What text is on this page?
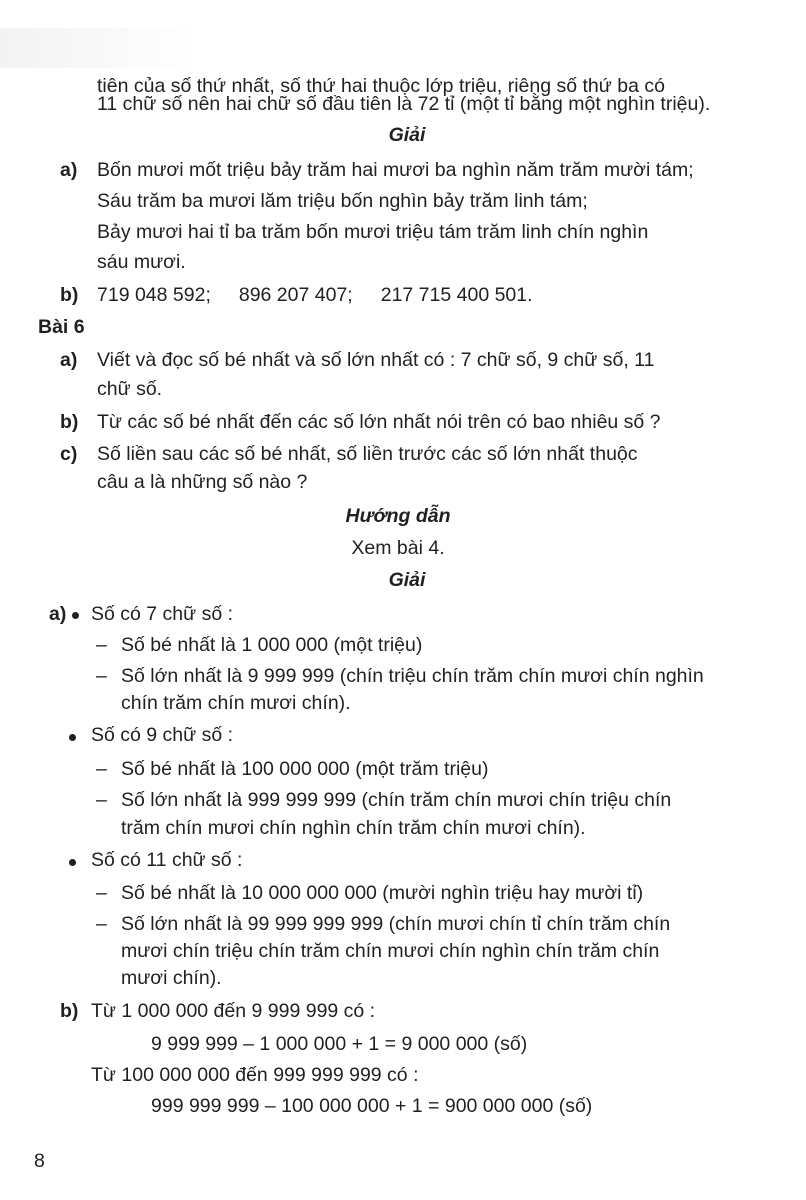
tiên của số thứ nhất, số thứ hai thuộc lớp triệu, riêng số thứ ba có
11 chữ số nên hai chữ số đầu tiên là 72 tỉ (một tỉ bằng một nghìn triệu).
Giải
a) Bốn mươi mốt triệu bảy trăm hai mươi ba nghìn năm trăm mười tám;
Sáu trăm ba mươi lăm triệu bốn nghìn bảy trăm linh tám;
Bảy mươi hai tỉ ba trăm bốn mươi triệu tám trăm linh chín nghìn
sáu mươi.
b) 719 048 592; 896 207 407; 217 715 400 501.
Bài 6
a) Viết và đọc số bé nhất và số lớn nhất có : 7 chữ số, 9 chữ số, 11
chữ số.
b) Từ các số bé nhất đến các số lớn nhất nói trên có bao nhiêu số ?
c) Số liền sau các số bé nhất, số liền trước các số lớn nhất thuộc
câu a là những số nào ?
Hướng dẫn
Xem bài 4.
Giải
a) Số có 7 chữ số :
– Số bé nhất là 1 000 000 (một triệu)
– Số lớn nhất là 9 999 999 (chín triệu chín trăm chín mươi chín nghìn
chín trăm chín mươi chín).
Số có 9 chữ số :
– Số bé nhất là 100 000 000 (một trăm triệu)
– Số lớn nhất là 999 999 999 (chín trăm chín mươi chín triệu chín
trăm chín mươi chín nghìn chín trăm chín mươi chín).
Số có 11 chữ số :
– Số bé nhất là 10 000 000 000 (mười nghìn triệu hay mười tỉ)
– Số lớn nhất là 99 999 999 999 (chín mươi chín tỉ chín trăm chín
mươi chín triệu chín trăm chín mươi chín nghìn chín trăm chín
mươi chín).
b) Từ 1 000 000 đến 9 999 999 có :
9 999 999 – 1 000 000 + 1 = 9 000 000 (số)
Từ 100 000 000 đến 999 999 999 có :
999 999 999 – 100 000 000 + 1 = 900 000 000 (số)
8
